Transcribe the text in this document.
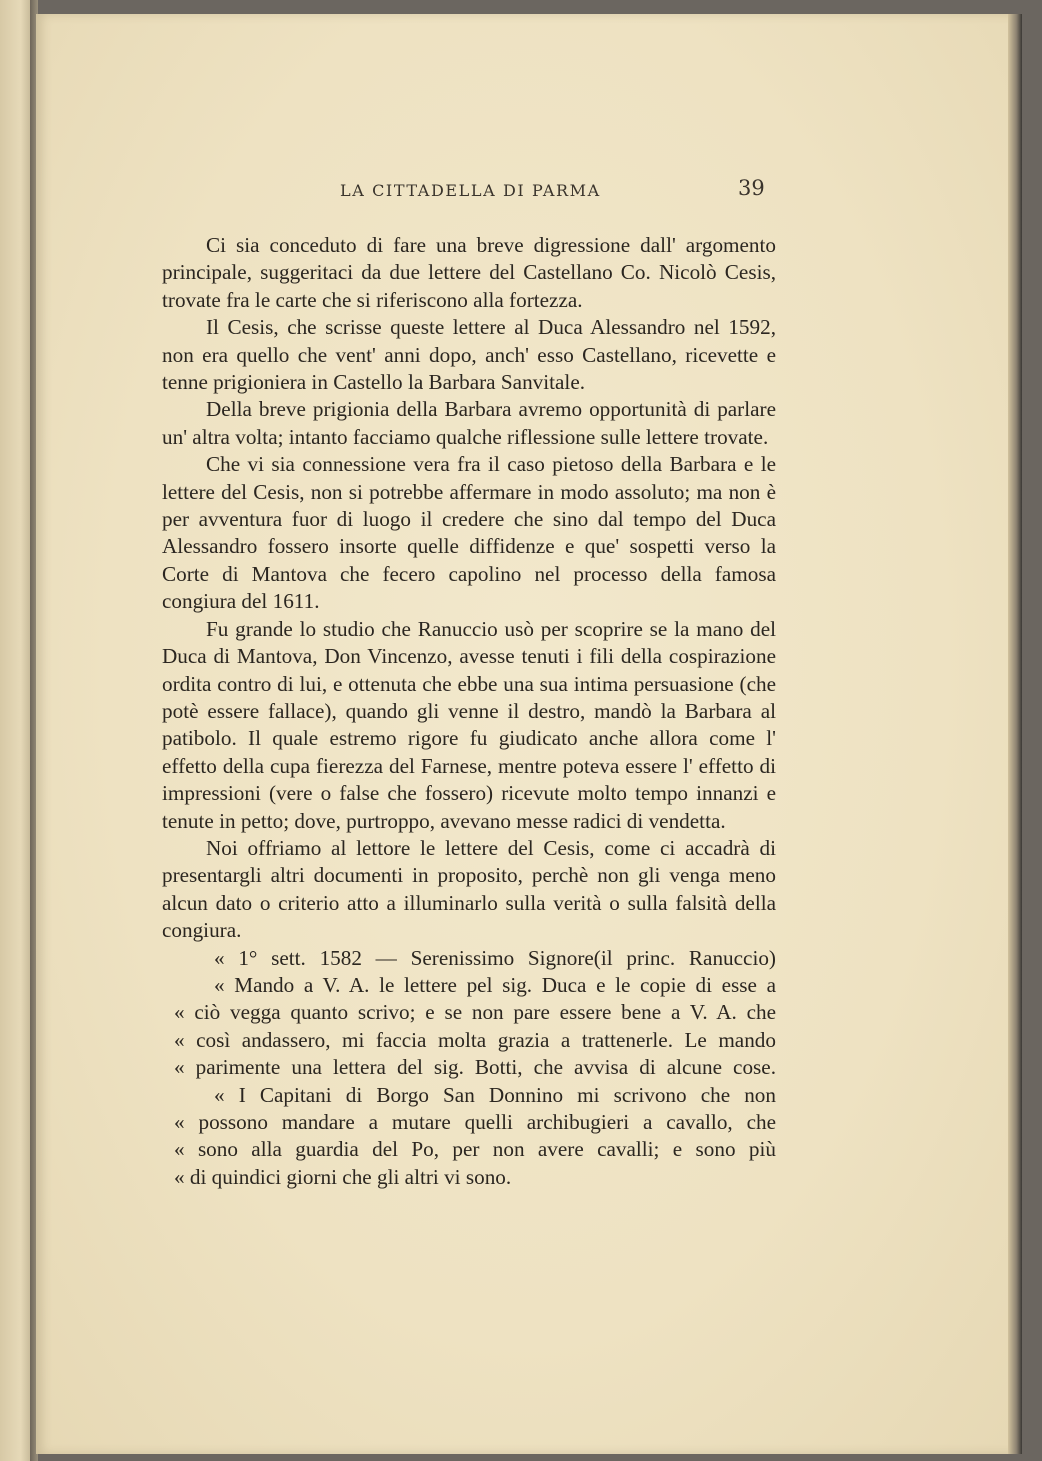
LA CITTADELLA DI PARMA	39

Ci sia conceduto di fare una breve digressione dall' argomento principale, suggeritaci da due lettere del Castellano Co. Nicolò Cesis, trovate fra le carte che si riferiscono alla fortezza.

Il Cesis, che scrisse queste lettere al Duca Alessandro nel 1592, non era quello che vent' anni dopo, anch' esso Castellano, ricevette e tenne prigioniera in Castello la Barbara Sanvitale.

Della breve prigionia della Barbara avremo opportunità di parlare un' altra volta; intanto facciamo qualche riflessione sulle lettere trovate.

Che vi sia connessione vera fra il caso pietoso della Barbara e le lettere del Cesis, non si potrebbe affermare in modo assoluto; ma non è per avventura fuor di luogo il credere che sino dal tempo del Duca Alessandro fossero insorte quelle diffidenze e que' sospetti verso la Corte di Mantova che fecero capolino nel processo della famosa congiura del 1611.

Fu grande lo studio che Ranuccio usò per scoprire se la mano del Duca di Mantova, Don Vincenzo, avesse tenuti i fili della cospirazione ordita contro di lui, e ottenuta che ebbe una sua intima persuasione (che potè essere fallace), quando gli venne il destro, mandò la Barbara al patibolo. Il quale estremo rigore fu giudicato anche allora come l' effetto della cupa fierezza del Farnese, mentre poteva essere l' effetto di impressioni (vere o false che fossero) ricevute molto tempo innanzi e tenute in petto; dove, purtroppo, avevano messe radici di vendetta.

Noi offriamo al lettore le lettere del Cesis, come ci accadrà di presentargli altri documenti in proposito, perchè non gli venga meno alcun dato o criterio atto a illuminarlo sulla verità o sulla falsità della congiura.

« 1° sett. 1582 — Serenissimo Signore(il princ. Ranuccio)
« Mando a V. A. le lettere pel sig. Duca e le copie di esse a
« ciò vegga quanto scrivo; e se non pare essere bene a V. A. che
« così andassero, mi faccia molta grazia a trattenerle. Le mando
« parimente una lettera del sig. Botti, che avvisa di alcune cose.
« I Capitani di Borgo San Donnino mi scrivono che non
« possono mandare a mutare quelli archibugieri a cavallo, che
« sono alla guardia del Po, per non avere cavalli; e sono più
« di quindici giorni che gli altri vi sono.
